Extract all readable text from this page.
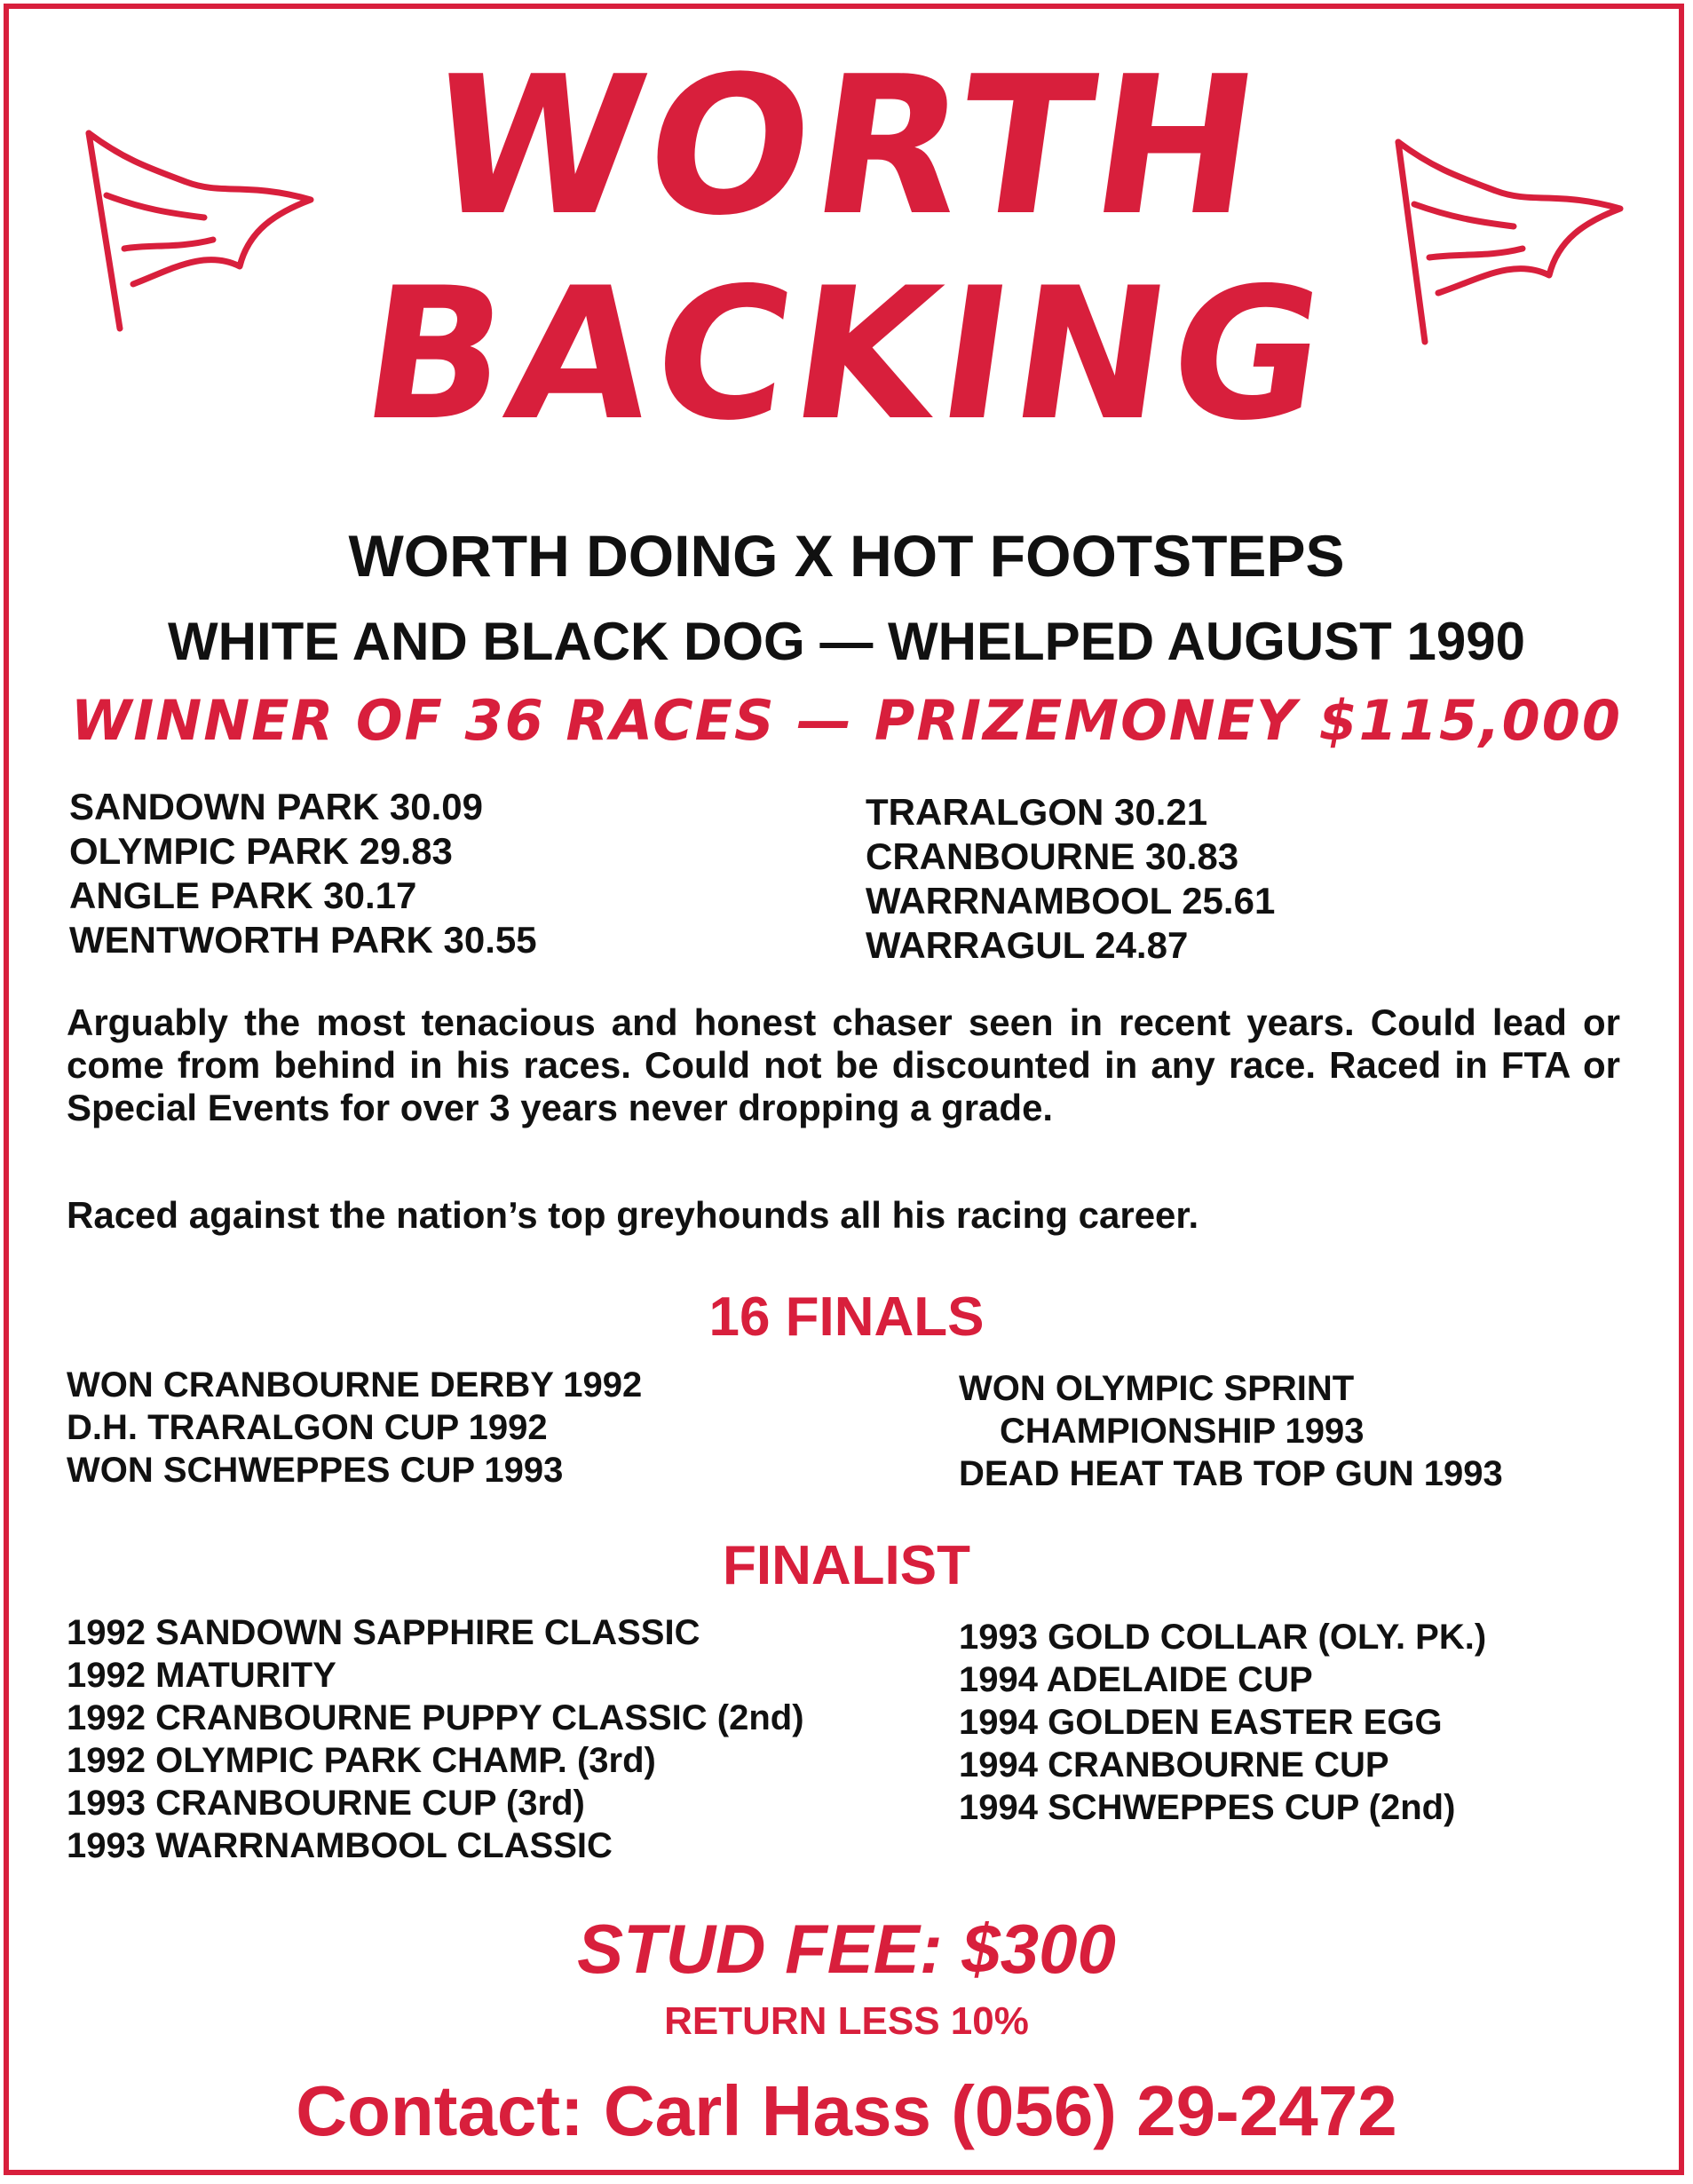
WORTH
BACKING
WORTH DOING X HOT FOOTSTEPS
WHITE AND BLACK DOG — WHELPED AUGUST 1990
WINNER OF 36 RACES — PRIZEMONEY $115,000
SANDOWN PARK 30.09
OLYMPIC PARK 29.83
ANGLE PARK 30.17
WENTWORTH PARK 30.55
TRARALGON 30.21
CRANBOURNE 30.83
WARRNAMBOOL 25.61
WARRAGUL 24.87
Arguably the most tenacious and honest chaser seen in recent years. Could lead or come from behind in his races. Could not be discounted in any race. Raced in FTA or Special Events for over 3 years never dropping a grade.
Raced against the nation’s top greyhounds all his racing career.
16 FINALS
WON CRANBOURNE DERBY 1992
D.H. TRARALGON CUP 1992
WON SCHWEPPES CUP 1993
WON OLYMPIC SPRINT
CHAMPIONSHIP 1993
DEAD HEAT TAB TOP GUN 1993
FINALIST
1992 SANDOWN SAPPHIRE CLASSIC
1992 MATURITY
1992 CRANBOURNE PUPPY CLASSIC (2nd)
1992 OLYMPIC PARK CHAMP. (3rd)
1993 CRANBOURNE CUP (3rd)
1993 WARRNAMBOOL CLASSIC
1993 GOLD COLLAR (OLY. PK.)
1994 ADELAIDE CUP
1994 GOLDEN EASTER EGG
1994 CRANBOURNE CUP
1994 SCHWEPPES CUP (2nd)
STUD FEE: $300
RETURN LESS 10%
Contact: Carl Hass (056) 29-2472
